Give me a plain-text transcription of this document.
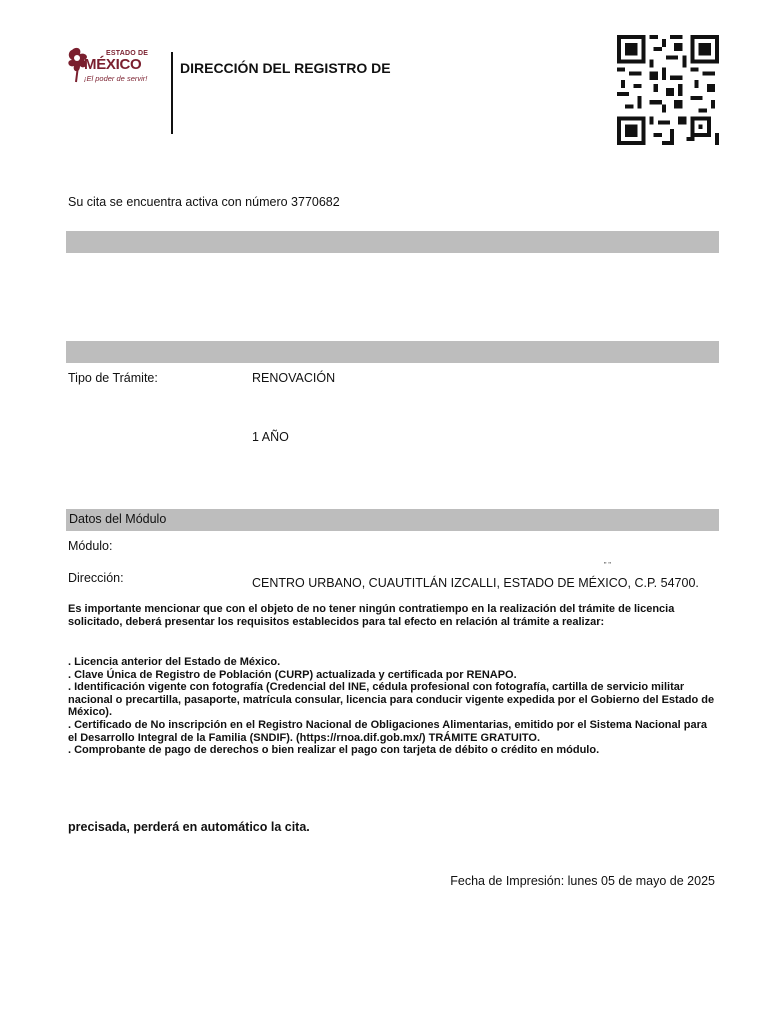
ESTADO DE
MÉXICO
¡El poder de servir!
DIRECCIÓN DEL REGISTRO DE
Su cita se encuentra activa con número 3770682
Tipo de Trámite:	RENOVACIÓN
1 AÑO
Datos del Módulo
Módulo:
" "
Dirección:	CENTRO URBANO, CUAUTITLÁN IZCALLI, ESTADO DE MÉXICO, C.P. 54700.
Es importante mencionar que con el objeto de no tener ningún contratiempo en la realización del trámite de licencia solicitado, deberá presentar los requisitos establecidos para tal efecto en relación al trámite a realizar:
. Licencia anterior del Estado de México.
. Clave Única de Registro de Población (CURP) actualizada y certificada por RENAPO.
. Identificación vigente con fotografía (Credencial del INE, cédula profesional con fotografía, cartilla de servicio militar nacional o precartilla, pasaporte, matrícula consular, licencia para conducir vigente expedida por el Gobierno del Estado de México).
. Certificado de No inscripción en el Registro Nacional de Obligaciones Alimentarias, emitido por el Sistema Nacional para el Desarrollo Integral de la Familia (SNDIF). (https://rnoa.dif.gob.mx/) TRÁMITE GRATUITO.
. Comprobante de pago de derechos o bien realizar el pago con tarjeta de débito o crédito en módulo.
precisada, perderá en automático la cita.
Fecha de Impresión: lunes 05 de mayo de 2025
